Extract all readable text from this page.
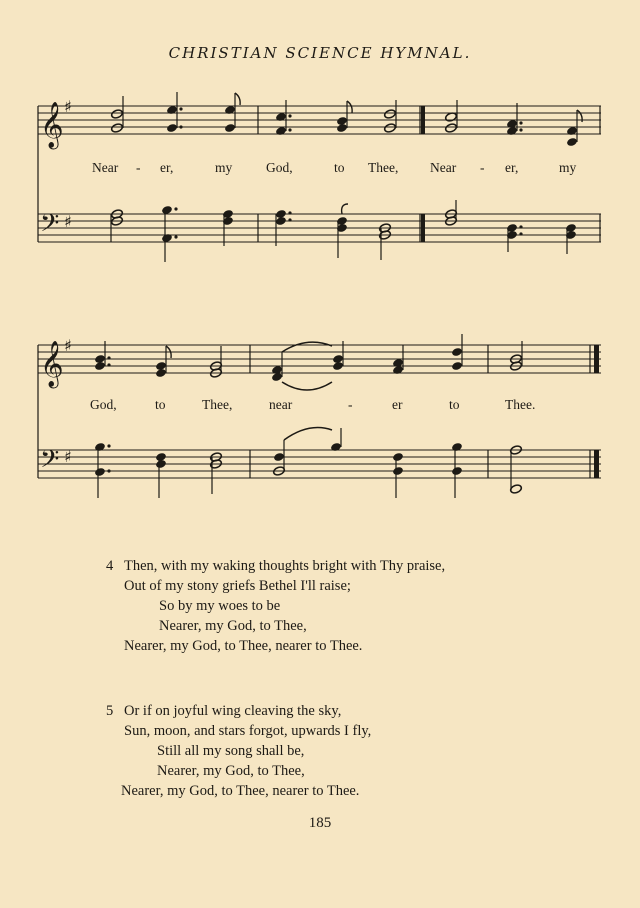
CHRISTIAN SCIENCE HYMNAL.
𝄞
𝄞
𝄢
𝄢
♯
♯
♯
♯
Near - er,	my God,	to Thee, Near - er,	my
God,	to	Thee,	near	-	er	to	Thee.
4 Then, with my waking thoughts bright with Thy praise,
Out of my stony griefs Bethel I'll raise;
So by my woes to be
Nearer, my God, to Thee,
Nearer, my God, to Thee, nearer to Thee.
5 Or if on joyful wing cleaving the sky,
Sun, moon, and stars forgot, upwards I fly,
Still all my song shall be,
Nearer, my God, to Thee,
Nearer, my God, to Thee, nearer to Thee.
185
